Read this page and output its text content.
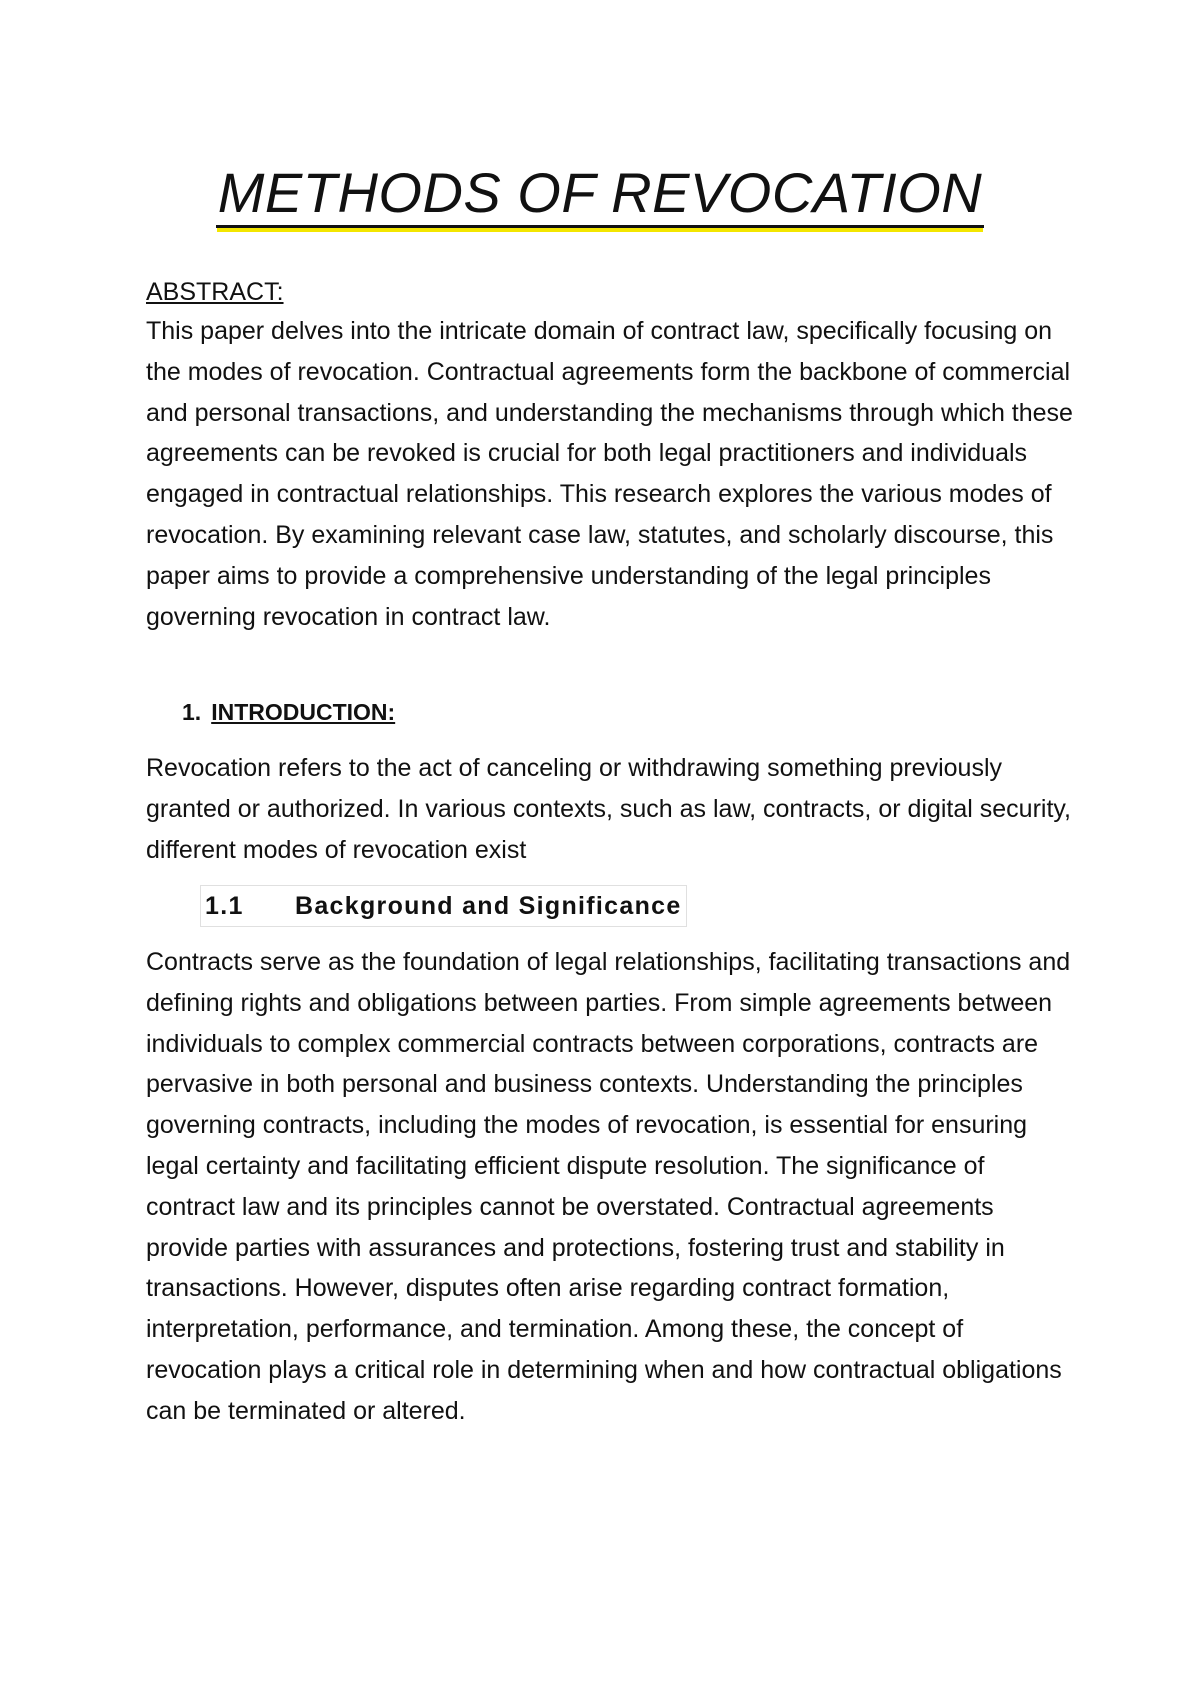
METHODS OF REVOCATION
ABSTRACT:

This paper delves into the intricate domain of contract law, specifically focusing on the modes of revocation. Contractual agreements form the backbone of commercial and personal transactions, and understanding the mechanisms through which these agreements can be revoked is crucial for both legal practitioners and individuals engaged in contractual relationships. This research explores the various modes of revocation. By examining relevant case law, statutes, and scholarly discourse, this paper aims to provide a comprehensive understanding of the legal principles governing revocation in contract law.

1. INTRODUCTION:

Revocation refers to the act of canceling or withdrawing something previously granted or authorized. In various contexts, such as law, contracts, or digital security, different modes of revocation exist

1.1 Background and Significance

Contracts serve as the foundation of legal relationships, facilitating transactions and defining rights and obligations between parties. From simple agreements between individuals to complex commercial contracts between corporations, contracts are pervasive in both personal and business contexts. Understanding the principles governing contracts, including the modes of revocation, is essential for ensuring legal certainty and facilitating efficient dispute resolution. The significance of contract law and its principles cannot be overstated. Contractual agreements provide parties with assurances and protections, fostering trust and stability in transactions. However, disputes often arise regarding contract formation, interpretation, performance, and termination. Among these, the concept of revocation plays a critical role in determining when and how contractual obligations can be terminated or altered.
